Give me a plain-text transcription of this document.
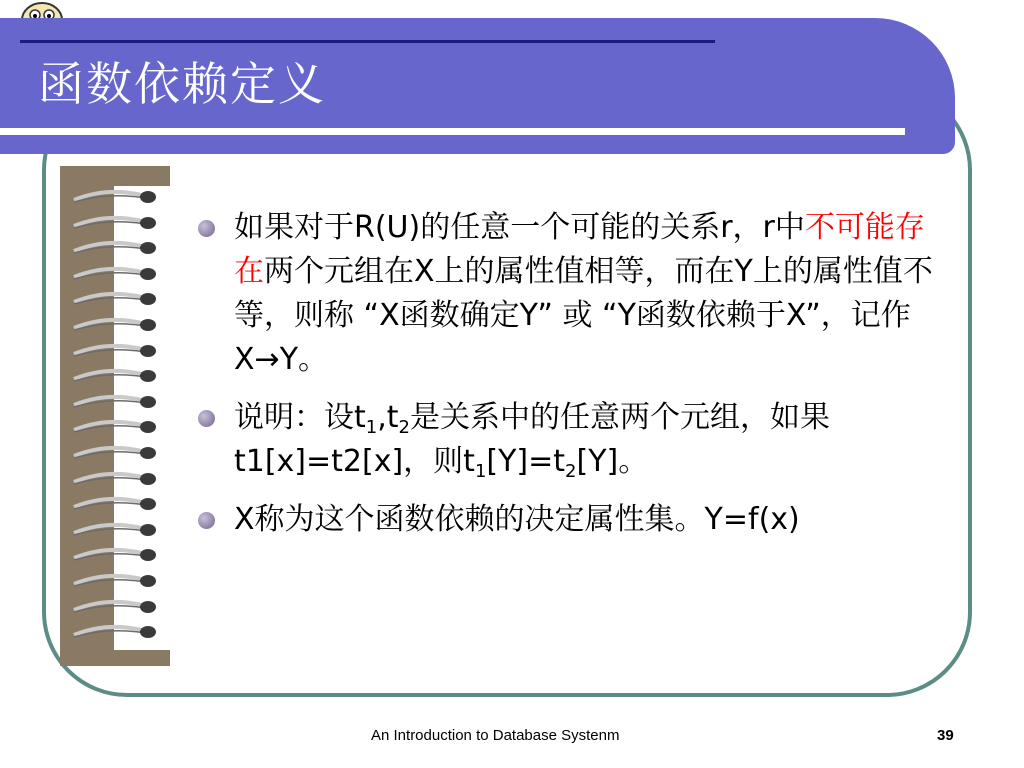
函数依赖定义
如果对于R(U)的任意一个可能的关系r，r中不可能存在两个元组在X上的属性值相等，而在Y上的属性值不等，则称 “X函数确定Y” 或 “Y函数依赖于X”，记作X→Y。
说明：设$t_1,t_2$是关系中的任意两个元组，如果t1[x]=t2[x]，则$t_1[Y]=t_2[Y]$。
X称为这个函数依赖的决定属性集。Y=f(x)
An Introduction to Database Systenm	39
